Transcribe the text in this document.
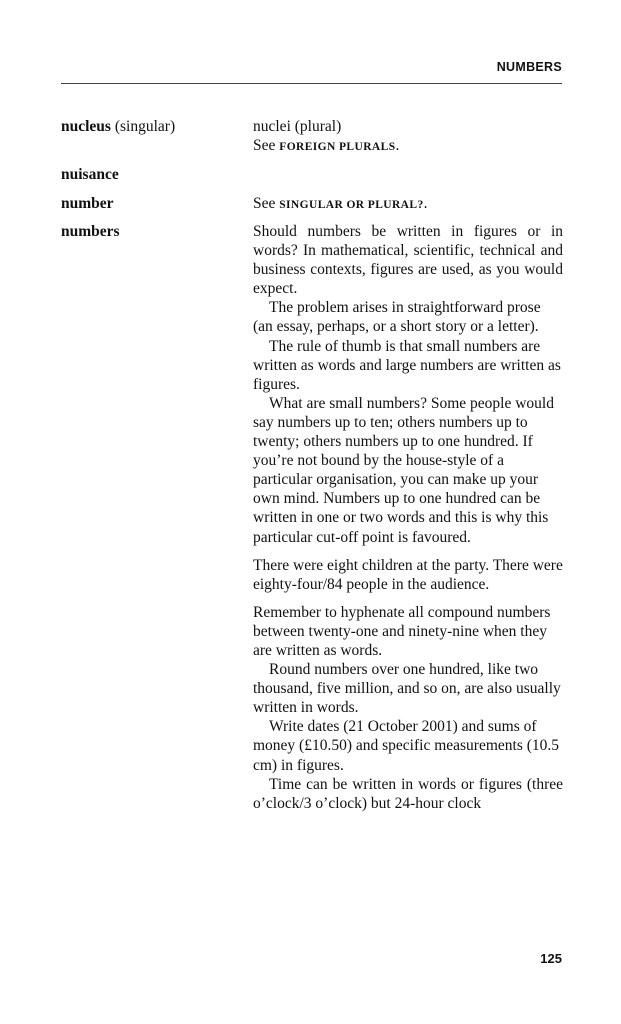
NUMBERS
nucleus (singular)	nuclei (plural)

See FOREIGN PLURALS.

nuisance
number	See SINGULAR OR PLURAL?.

numbers	Should numbers be written in figures or in words? In mathematical, scientific, technical and business contexts, figures are used, as you would expect.

The problem arises in straightforward prose (an essay, perhaps, or a short story or a letter).

The rule of thumb is that small numbers are written as words and large numbers are written as figures.

What are small numbers? Some people would say numbers up to ten; others numbers up to twenty; others numbers up to one hundred. If you’re not bound by the house-style of a particular organisation, you can make up your own mind. Numbers up to one hundred can be written in one or two words and this is why this particular cut-off point is favoured.

There were eight children at the party. There were eighty-four/84 people in the audience.

Remember to hyphenate all compound numbers between twenty-one and ninety-nine when they are written as words.

Round numbers over one hundred, like two thousand, five million, and so on, are also usually written in words.

Write dates (21 October 2001) and sums of money (£10.50) and specific measurements (10.5 cm) in figures.

Time can be written in words or figures (three o’clock/3 o’clock) but 24-hour clock

125
